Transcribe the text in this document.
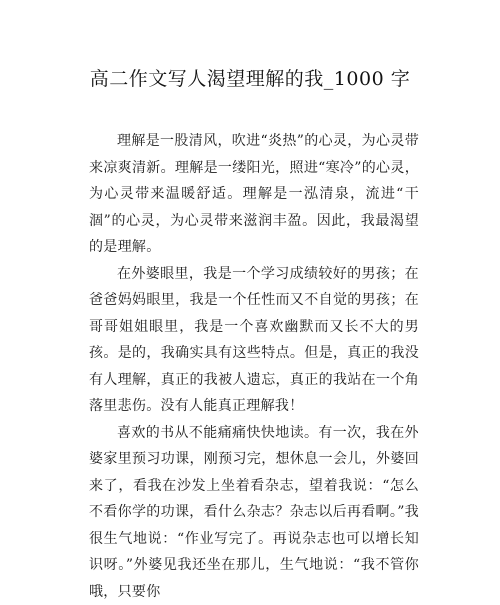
高二作文写人渴望理解的我_1000 字

理解是一股清风，吹进“炎热”的心灵，为心灵带来凉爽清新。理解是一缕阳光，照进“寒冷”的心灵，为心灵带来温暖舒适。理解是一泓清泉，流进“干涸”的心灵，为心灵带来滋润丰盈。因此，我最渴望的是理解。

在外婆眼里，我是一个学习成绩较好的男孩；在爸爸妈妈眼里，我是一个任性而又不自觉的男孩；在哥哥姐姐眼里，我是一个喜欢幽默而又长不大的男孩。是的，我确实具有这些特点。但是，真正的我没有人理解，真正的我被人遗忘，真正的我站在一个角落里悲伤。没有人能真正理解我！

喜欢的书从不能痛痛快快地读。有一次，我在外婆家里预习功课，刚预习完，想休息一会儿，外婆回来了，看我在沙发上坐着看杂志，望着我说：“怎么不看你学的功课，看什么杂志？杂志以后再看啊。”我很生气地说：“作业写完了。再说杂志也可以增长知识呀。”外婆见我还坐在那儿，生气地说：“我不管你哦，只要你
